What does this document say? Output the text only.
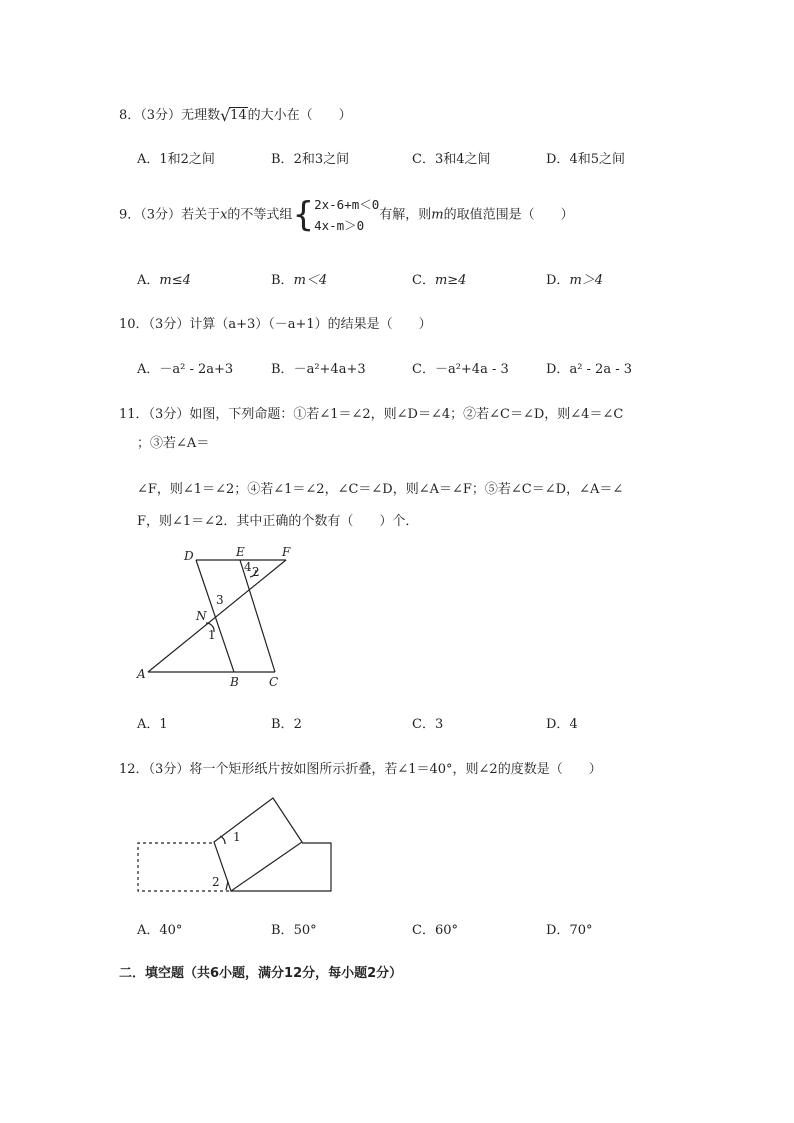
8．（3分）无理数 √ 14的大小在（　　）
A．1和2之间	B．2和3之间	C．3和4之间	D．4和5之间
9．（3分）若关于x的不等式组{2x-6+m＜0
4x-m＞0有解，则m的取值范围是（　　）
A．m≤4	B．m＜4	C．m≥4	D．m＞4
10．（3分）计算（a+3）（－a+1）的结果是（　　）
A．－a² - 2a+3	B．－a²+4a+3	C．－a²+4a - 3	D．a² - 2a - 3
11．（3分）如图，下列命题：①若∠1＝∠2，则∠D＝∠4；②若∠C＝∠D，则∠4＝∠C
；③若∠A＝
∠F，则∠1＝∠2；④若∠1＝∠2，∠C＝∠D，则∠A＝∠F；⑤若∠C＝∠D，∠A＝∠
F，则∠1＝∠2．其中正确的个数有（　　）个．
D	E	F
4 2
3
N
1
A
B	C
A．1	B．2	C．3	D．4
12．（3分）将一个矩形纸片按如图所示折叠，若∠1＝40°，则∠2的度数是（　　）
1
2
A．40°	B．50°	C．60°	D．70°
二．填空题（共6小题，满分12分，每小题2分）
